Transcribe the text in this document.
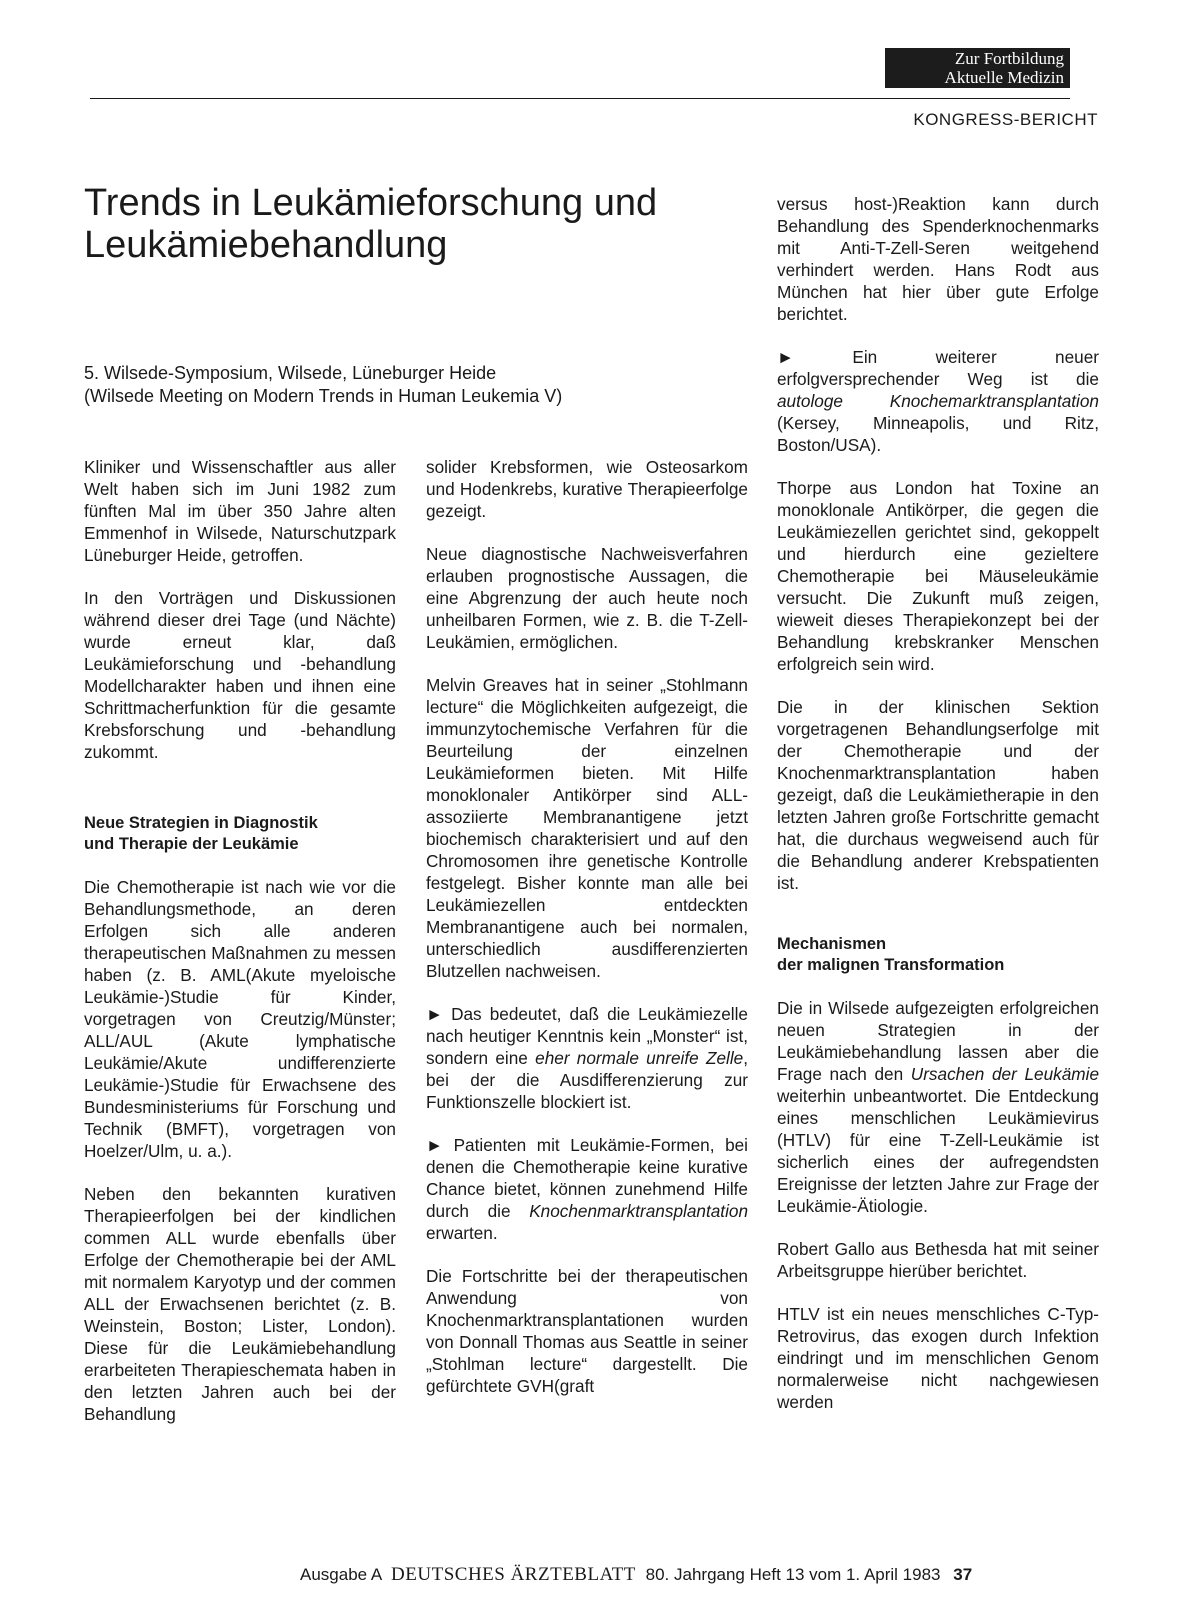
Zur Fortbildung
Aktuelle Medizin
KONGRESS-BERICHT
Trends in Leukämieforschung und Leukämiebehandlung
5. Wilsede-Symposium, Wilsede, Lüneburger Heide
(Wilsede Meeting on Modern Trends in Human Leukemia V)

Kliniker und Wissenschaftler aus aller Welt haben sich im Juni 1982 zum fünften Mal im über 350 Jahre alten Emmenhof in Wilsede, Naturschutzpark Lüneburger Heide, getroffen.

In den Vorträgen und Diskussionen während dieser drei Tage (und Nächte) wurde erneut klar, daß Leukämieforschung und -behandlung Modellcharakter haben und ihnen eine Schrittmacherfunktion für die gesamte Krebsforschung und -behandlung zukommt.

Neue Strategien in Diagnostik
und Therapie der Leukämie

Die Chemotherapie ist nach wie vor die Behandlungsmethode, an deren Erfolgen sich alle anderen therapeutischen Maßnahmen zu messen haben (z. B. AML(Akute myeloische Leukämie-)Studie für Kinder, vorgetragen von Creutzig/Münster; ALL/AUL (Akute lymphatische Leukämie/Akute undifferenzierte Leukämie-)Studie für Erwachsene des Bundesministeriums für Forschung und Technik (BMFT), vorgetragen von Hoelzer/Ulm, u. a.).

Neben den bekannten kurativen Therapieerfolgen bei der kindlichen commen ALL wurde ebenfalls über Erfolge der Chemotherapie bei der AML mit normalem Karyotyp und der commen ALL der Erwachsenen berichtet (z. B. Weinstein, Boston; Lister, London). Diese für die Leukämiebehandlung erarbeiteten Therapieschemata haben in den letzten Jahren auch bei der Behandlung

solider Krebsformen, wie Osteosarkom und Hodenkrebs, kurative Therapieerfolge gezeigt.

Neue diagnostische Nachweisverfahren erlauben prognostische Aussagen, die eine Abgrenzung der auch heute noch unheilbaren Formen, wie z. B. die T-Zell-Leukämien, ermöglichen.

Melvin Greaves hat in seiner „Stohlmann lecture“ die Möglichkeiten aufgezeigt, die immunzytochemische Verfahren für die Beurteilung der einzelnen Leukämieformen bieten. Mit Hilfe monoklonaler Antikörper sind ALL-assoziierte Membranantigene jetzt biochemisch charakterisiert und auf den Chromosomen ihre genetische Kontrolle festgelegt. Bisher konnte man alle bei Leukämiezellen entdeckten Membranantigene auch bei normalen, unterschiedlich ausdifferenzierten Blutzellen nachweisen.

► Das bedeutet, daß die Leukämiezelle nach heutiger Kenntnis kein „Monster“ ist, sondern eine eher normale unreife Zelle, bei der die Ausdifferenzierung zur Funktionszelle blockiert ist.

► Patienten mit Leukämie-Formen, bei denen die Chemotherapie keine kurative Chance bietet, können zunehmend Hilfe durch die Knochenmarktransplantation erwarten.

Die Fortschritte bei der therapeutischen Anwendung von Knochenmarktransplantationen wurden von Donnall Thomas aus Seattle in seiner „Stohlman lecture“ dargestellt. Die gefürchtete GVH(graft

versus host-)Reaktion kann durch Behandlung des Spenderknochenmarks mit Anti-T-Zell-Seren weitgehend verhindert werden. Hans Rodt aus München hat hier über gute Erfolge berichtet.

►	Ein weiterer neuer erfolgversprechender Weg ist die autologe Knochemarktransplantation (Kersey, Minneapolis, und Ritz, Boston/USA).

Thorpe aus London hat Toxine an monoklonale Antikörper, die gegen die Leukämiezellen gerichtet sind, gekoppelt und hierdurch eine gezieltere Chemotherapie bei Mäuseleukämie versucht. Die Zukunft muß zeigen, wieweit dieses Therapiekonzept bei der Behandlung krebskranker Menschen erfolgreich sein wird.

Die in der klinischen Sektion vorgetragenen Behandlungserfolge mit der Chemotherapie und der Knochenmarktransplantation haben gezeigt, daß die Leukämietherapie in den letzten Jahren große Fortschritte gemacht hat, die durchaus wegweisend auch für die Behandlung anderer Krebspatienten ist.

Mechanismen
der malignen Transformation

Die in Wilsede aufgezeigten erfolgreichen neuen Strategien in der Leukämiebehandlung lassen aber die Frage nach den Ursachen der Leukämie weiterhin unbeantwortet. Die Entdeckung eines menschlichen Leukämievirus (HTLV) für eine T-Zell-Leukämie ist sicherlich eines der aufregendsten Ereignisse der letzten Jahre zur Frage der Leukämie-Ätiologie.

Robert Gallo aus Bethesda hat mit seiner Arbeitsgruppe hierüber berichtet.

HTLV ist ein neues menschliches C-Typ-Retrovirus, das exogen durch Infektion eindringt und im menschlichen Genom normalerweise nicht nachgewiesen werden

Ausgabe A DEUTSCHES ÄRZTEBLATT 80. Jahrgang Heft 13 vom 1. April 1983 37
